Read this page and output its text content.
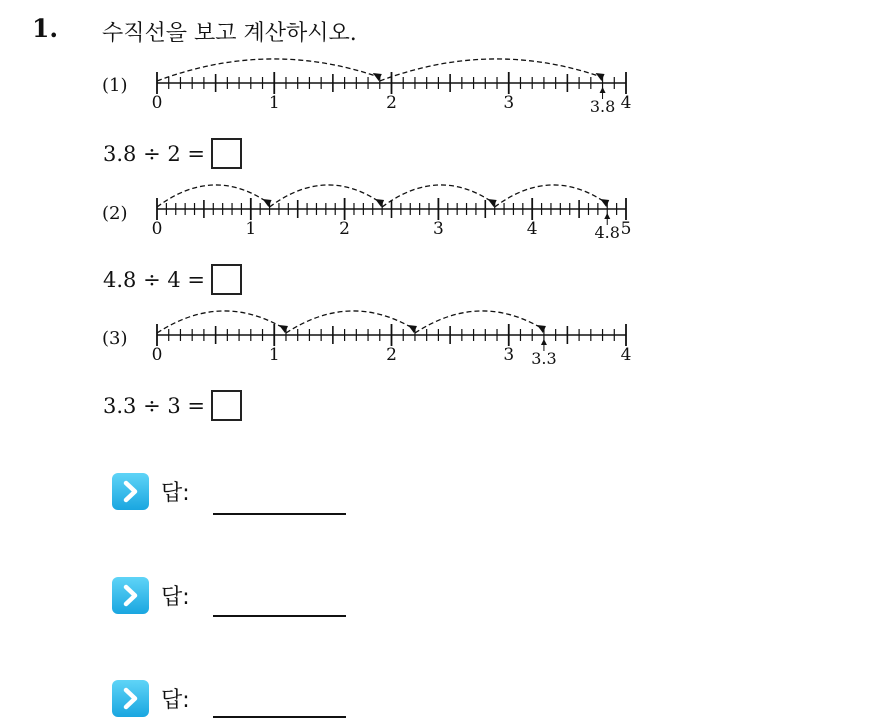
1. 수직선을 보고 계산하시오.
(1)
0	1	2	3	4
3.8
3.8 ÷ 2 =
(2)
0	1	2	3	4	5
4.8
4.8 ÷ 4 =
(3)
0	1	2	3	4
3.3
3.3 ÷ 3 =
답:
답:
답:
